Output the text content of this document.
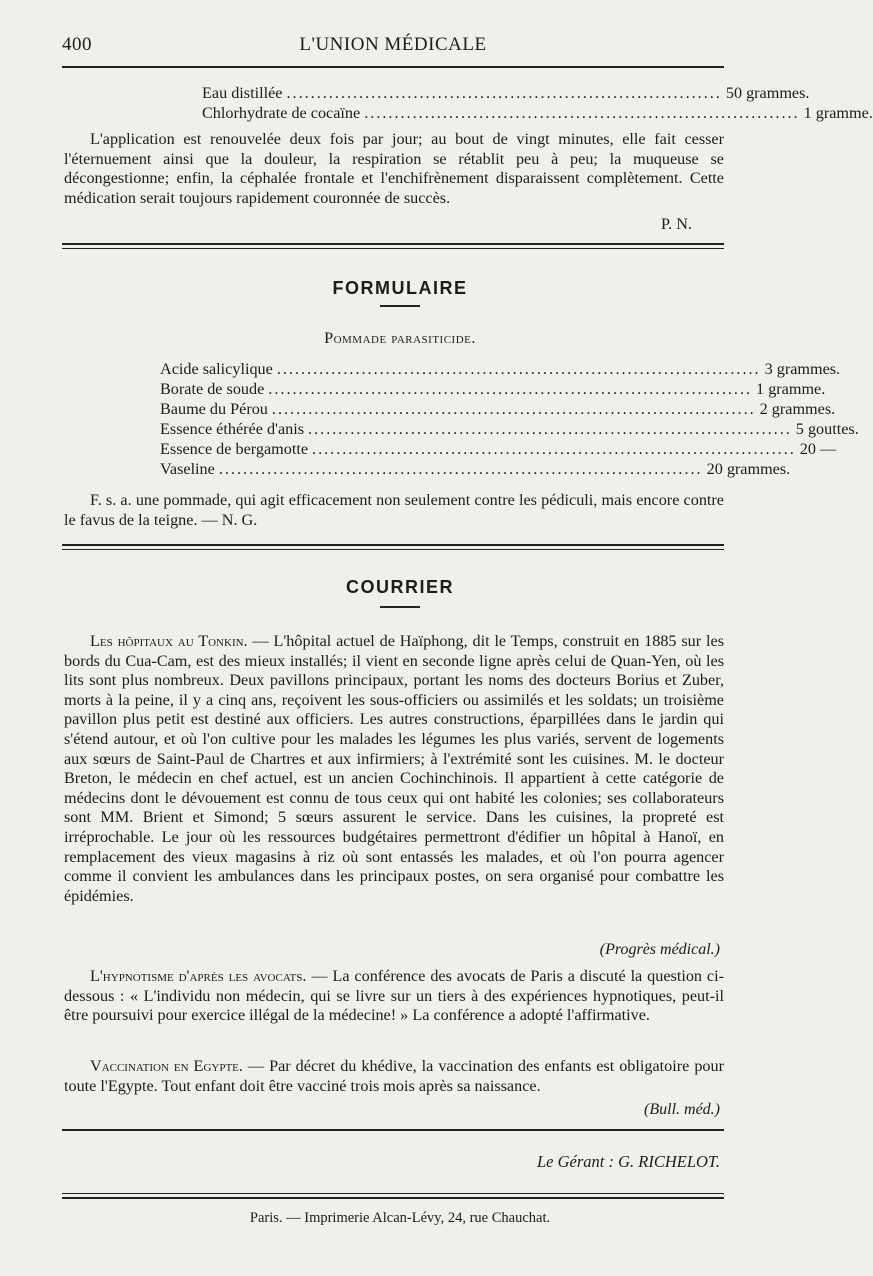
400	L'UNION MÉDICALE
Eau distillée ........................................................................ 50 grammes.
Chlorhydrate de cocaïne ........................................................................ 1 gramme.
L'application est renouvelée deux fois par jour; au bout de vingt minutes, elle fait cesser l'éternuement ainsi que la douleur, la respiration se rétablit peu à peu; la muqueuse se décongestionne; enfin, la céphalée frontale et l'enchifrènement disparaissent complètement. Cette médication serait toujours rapidement couronnée de succès.
P. N.
FORMULAIRE
Pommade parasiticide.
Acide salicylique ................................................................................ 3 grammes.
Borate de soude ................................................................................ 1 gramme.
Baume du Pérou ................................................................................ 2 grammes.
Essence éthérée d'anis ................................................................................ 5 gouttes.
Essence de bergamotte ................................................................................ 20 —
Vaseline ................................................................................ 20 grammes.
F. s. a. une pommade, qui agit efficacement non seulement contre les pédiculi, mais encore contre le favus de la teigne. — N. G.
COURRIER
Les hôpitaux au Tonkin. — L'hôpital actuel de Haïphong, dit le Temps, construit en 1885 sur les bords du Cua-Cam, est des mieux installés; il vient en seconde ligne après celui de Quan-Yen, où les lits sont plus nombreux. Deux pavillons principaux, portant les noms des docteurs Borius et Zuber, morts à la peine, il y a cinq ans, reçoivent les sous-officiers ou assimilés et les soldats; un troisième pavillon plus petit est destiné aux officiers. Les autres constructions, éparpillées dans le jardin qui s'étend autour, et où l'on cultive pour les malades les légumes les plus variés, servent de logements aux sœurs de Saint-Paul de Chartres et aux infirmiers; à l'extrémité sont les cuisines. M. le docteur Breton, le médecin en chef actuel, est un ancien Cochinchinois. Il appartient à cette catégorie de médecins dont le dévouement est connu de tous ceux qui ont habité les colonies; ses collaborateurs sont MM. Brient et Simond; 5 sœurs assurent le service. Dans les cuisines, la propreté est irréprochable. Le jour où les ressources budgétaires permettront d'édifier un hôpital à Hanoï, en remplacement des vieux magasins à riz où sont entassés les malades, et où l'on pourra agencer comme il convient les ambulances dans les principaux postes, on sera organisé pour combattre les épidémies.
(Progrès médical.)
L'hypnotisme d'après les avocats. — La conférence des avocats de Paris a discuté la question ci-dessous : « L'individu non médecin, qui se livre sur un tiers à des expériences hypnotiques, peut-il être poursuivi pour exercice illégal de la médecine! » La conférence a adopté l'affirmative.
Vaccination en Egypte. — Par décret du khédive, la vaccination des enfants est obligatoire pour toute l'Egypte. Tout enfant doit être vacciné trois mois après sa naissance.
(Bull. méd.)
Le Gérant : G. RICHELOT.
Paris. — Imprimerie Alcan-Lévy, 24, rue Chauchat.
